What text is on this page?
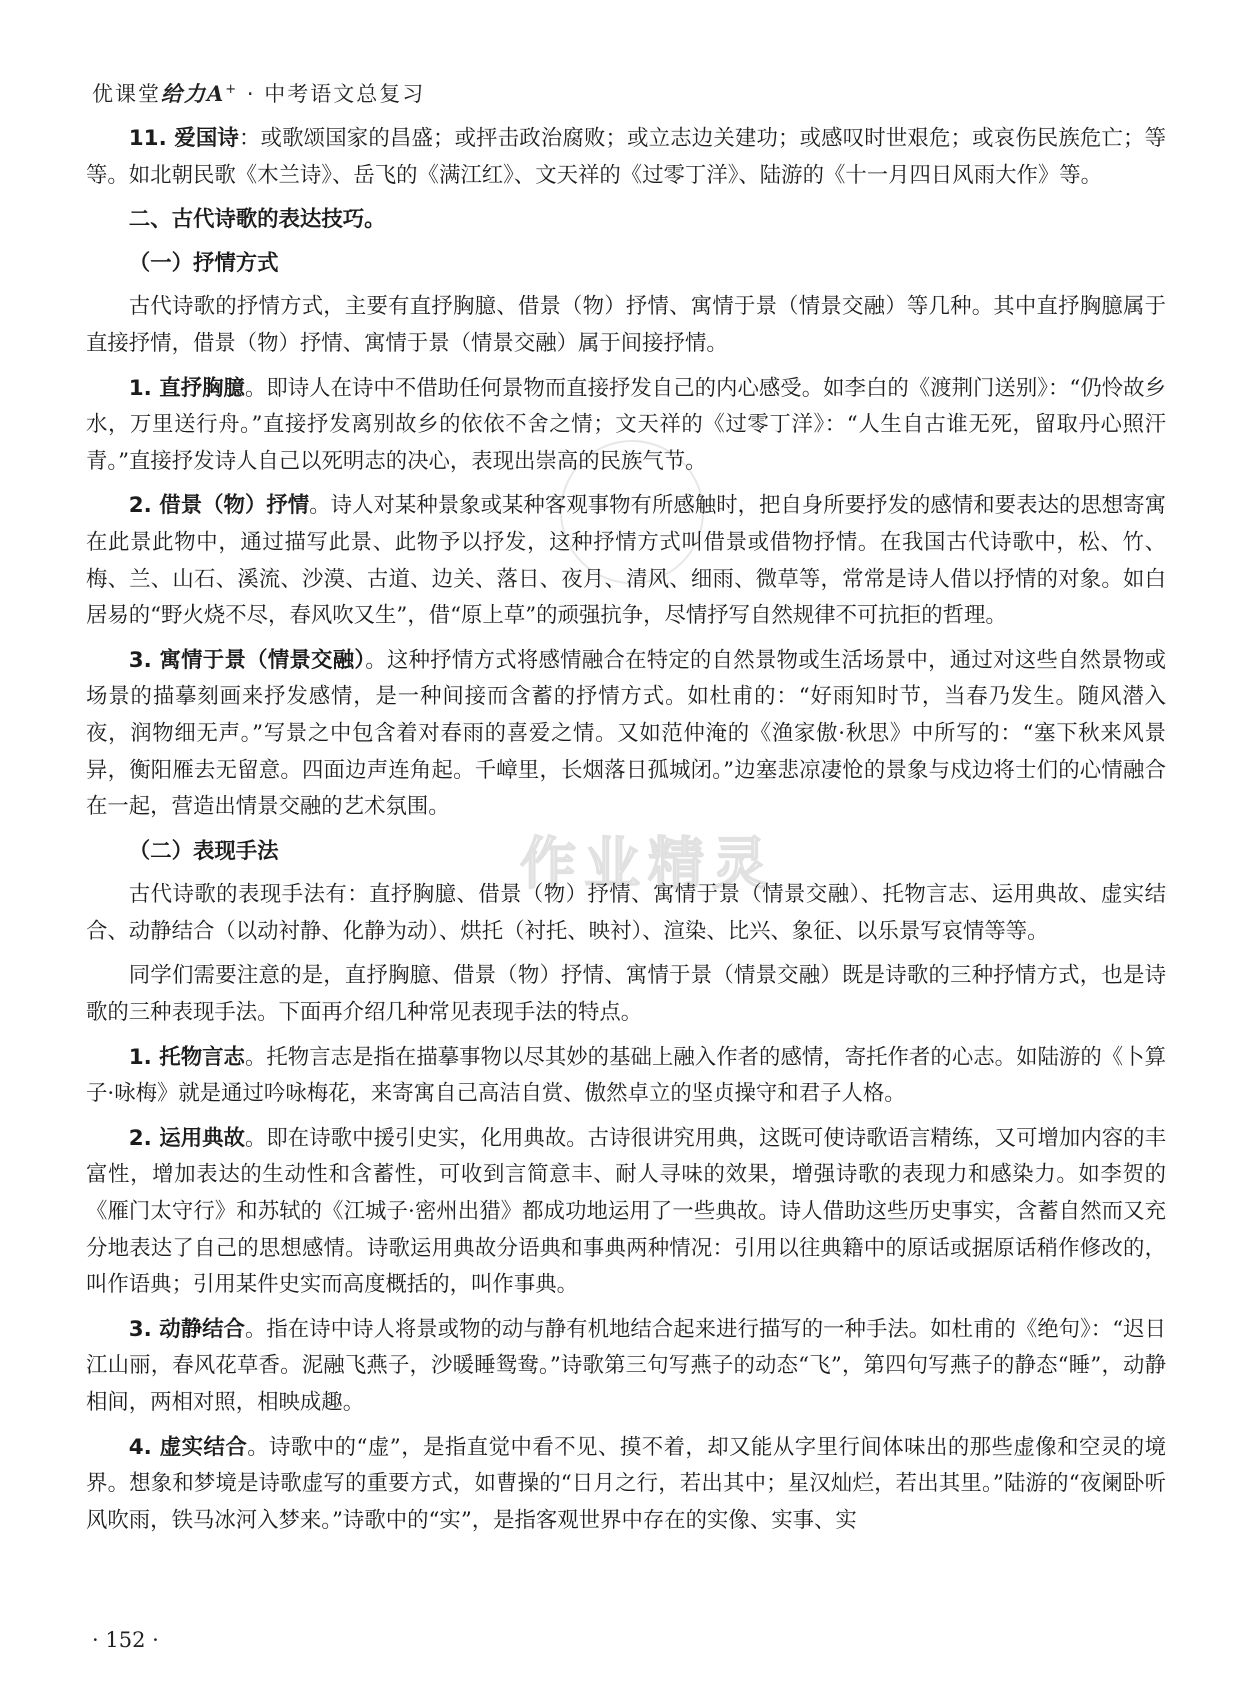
优课堂给力A+ · 中考语文总复习
作业精灵

11. 爱国诗：或歌颂国家的昌盛；或抨击政治腐败；或立志边关建功；或感叹时世艰危；或哀伤民族危亡；等等。如北朝民歌《木兰诗》、岳飞的《满江红》、文天祥的《过零丁洋》、陆游的《十一月四日风雨大作》等。

二、古代诗歌的表达技巧。

（一）抒情方式

古代诗歌的抒情方式，主要有直抒胸臆、借景（物）抒情、寓情于景（情景交融）等几种。其中直抒胸臆属于直接抒情，借景（物）抒情、寓情于景（情景交融）属于间接抒情。

1. 直抒胸臆。即诗人在诗中不借助任何景物而直接抒发自己的内心感受。如李白的《渡荆门送别》：“仍怜故乡水，万里送行舟。”直接抒发离别故乡的依依不舍之情；文天祥的《过零丁洋》：“人生自古谁无死，留取丹心照汗青。”直接抒发诗人自己以死明志的决心，表现出崇高的民族气节。

2. 借景（物）抒情。诗人对某种景象或某种客观事物有所感触时，把自身所要抒发的感情和要表达的思想寄寓在此景此物中，通过描写此景、此物予以抒发，这种抒情方式叫借景或借物抒情。在我国古代诗歌中，松、竹、梅、兰、山石、溪流、沙漠、古道、边关、落日、夜月、清风、细雨、微草等，常常是诗人借以抒情的对象。如白居易的“野火烧不尽，春风吹又生”，借“原上草”的顽强抗争，尽情抒写自然规律不可抗拒的哲理。

3. 寓情于景（情景交融）。这种抒情方式将感情融合在特定的自然景物或生活场景中，通过对这些自然景物或场景的描摹刻画来抒发感情，是一种间接而含蓄的抒情方式。如杜甫的：“好雨知时节，当春乃发生。随风潜入夜，润物细无声。”写景之中包含着对春雨的喜爱之情。又如范仲淹的《渔家傲·秋思》中所写的：“塞下秋来风景异，衡阳雁去无留意。四面边声连角起。千嶂里，长烟落日孤城闭。”边塞悲凉凄怆的景象与戍边将士们的心情融合在一起，营造出情景交融的艺术氛围。

（二）表现手法

古代诗歌的表现手法有：直抒胸臆、借景（物）抒情、寓情于景（情景交融）、托物言志、运用典故、虚实结合、动静结合（以动衬静、化静为动）、烘托（衬托、映衬）、渲染、比兴、象征、以乐景写哀情等等。

同学们需要注意的是，直抒胸臆、借景（物）抒情、寓情于景（情景交融）既是诗歌的三种抒情方式，也是诗歌的三种表现手法。下面再介绍几种常见表现手法的特点。

1. 托物言志。托物言志是指在描摹事物以尽其妙的基础上融入作者的感情，寄托作者的心志。如陆游的《卜算子·咏梅》就是通过吟咏梅花，来寄寓自己高洁自赏、傲然卓立的坚贞操守和君子人格。

2. 运用典故。即在诗歌中援引史实，化用典故。古诗很讲究用典，这既可使诗歌语言精练，又可增加内容的丰富性，增加表达的生动性和含蓄性，可收到言简意丰、耐人寻味的效果，增强诗歌的表现力和感染力。如李贺的《雁门太守行》和苏轼的《江城子·密州出猎》都成功地运用了一些典故。诗人借助这些历史事实，含蓄自然而又充分地表达了自己的思想感情。诗歌运用典故分语典和事典两种情况：引用以往典籍中的原话或据原话稍作修改的，叫作语典；引用某件史实而高度概括的，叫作事典。

3. 动静结合。指在诗中诗人将景或物的动与静有机地结合起来进行描写的一种手法。如杜甫的《绝句》：“迟日江山丽，春风花草香。泥融飞燕子，沙暖睡鸳鸯。”诗歌第三句写燕子的动态“飞”，第四句写燕子的静态“睡”，动静相间，两相对照，相映成趣。

4. 虚实结合。诗歌中的“虚”，是指直觉中看不见、摸不着，却又能从字里行间体味出的那些虚像和空灵的境界。想象和梦境是诗歌虚写的重要方式，如曹操的“日月之行，若出其中；星汉灿烂，若出其里。”陆游的“夜阑卧听风吹雨，铁马冰河入梦来。”诗歌中的“实”，是指客观世界中存在的实像、实事、实

· 152 ·
